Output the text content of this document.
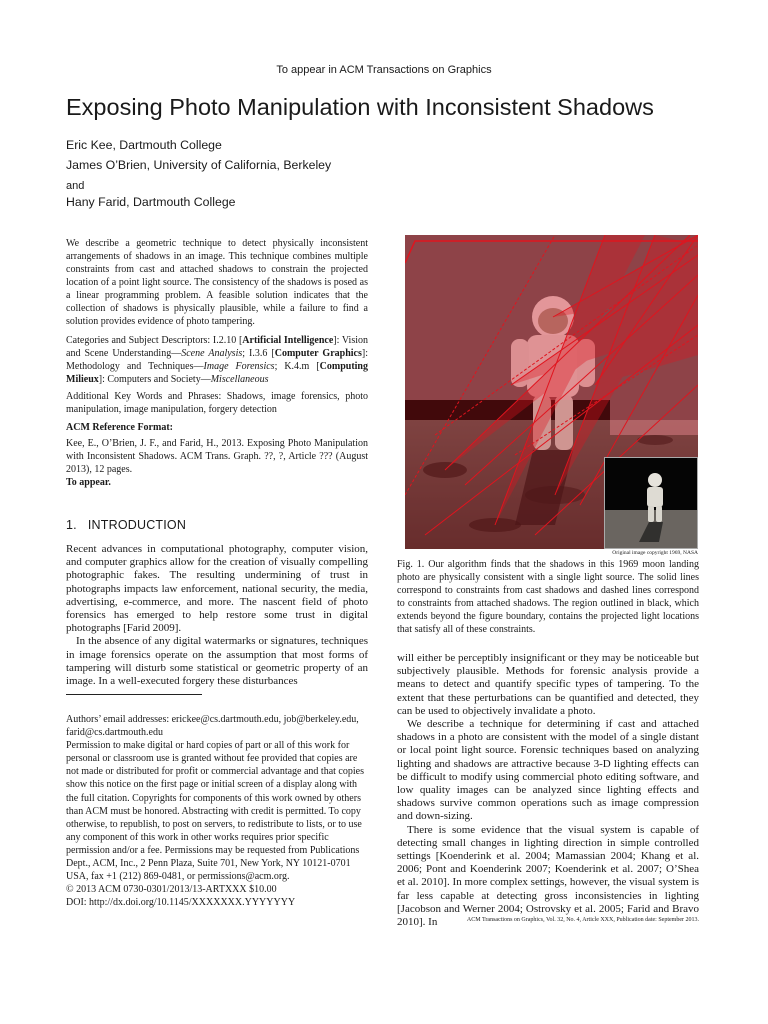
To appear in ACM Transactions on Graphics
Exposing Photo Manipulation with Inconsistent Shadows
Eric Kee, Dartmouth College
James O’Brien, University of California, Berkeley
and
Hany Farid, Dartmouth College

We describe a geometric technique to detect physically inconsistent arrangements of shadows in an image. This technique combines multiple constraints from cast and attached shadows to constrain the projected location of a point light source. The consistency of the shadows is posed as a linear programming problem. A feasible solution indicates that the collection of shadows is physically plausible, while a failure to find a solution provides evidence of photo tampering.

Categories and Subject Descriptors: I.2.10 [Artificial Intelligence]: Vision and Scene Understanding—Scene Analysis; I.3.6 [Computer Graphics]: Methodology and Techniques—Image Forensics; K.4.m [Computing Milieux]: Computers and Society—Miscellaneous

Additional Key Words and Phrases: Shadows, image forensics, photo manipulation, image manipulation, forgery detection

ACM Reference Format:

Kee, E., O’Brien, J. F., and Farid, H., 2013. Exposing Photo Manipulation with Inconsistent Shadows. ACM Trans. Graph. ??, ?, Article ??? (August 2013), 12 pages.

To appear.

1. INTRODUCTION

Recent advances in computational photography, computer vision, and computer graphics allow for the creation of visually compelling photographic fakes. The resulting undermining of trust in photographs impacts law enforcement, national security, the media, advertising, e-commerce, and more. The nascent field of photo forensics has emerged to help restore some trust in digital photographs [Farid 2009].

In the absence of any digital watermarks or signatures, techniques in image forensics operate on the assumption that most forms of tampering will disturb some statistical or geometric property of an image. In a well-executed forgery these disturbances

Authors’ email addresses: erickee@cs.dartmouth.edu, job@berkeley.edu, farid@cs.dartmouth.edu

Permission to make digital or hard copies of part or all of this work for personal or classroom use is granted without fee provided that copies are not made or distributed for profit or commercial advantage and that copies show this notice on the first page or initial screen of a display along with the full citation. Copyrights for components of this work owned by others than ACM must be honored. Abstracting with credit is permitted. To copy otherwise, to republish, to post on servers, to redistribute to lists, or to use any component of this work in other works requires prior specific permission and/or a fee. Permissions may be requested from Publications Dept., ACM, Inc., 2 Penn Plaza, Suite 701, New York, NY 10121-0701 USA, fax +1 (212) 869-0481, or permissions@acm.org.

© 2013 ACM 0730-0301/2013/13-ARTXXX $10.00

DOI: http://dx.doi.org/10.1145/XXXXXXX.YYYYYYY

Original image copyright 1969, NASA
Fig. 1. Our algorithm finds that the shadows in this 1969 moon landing photo are physically consistent with a single light source. The solid lines correspond to constraints from cast shadows and dashed lines correspond to constraints from attached shadows. The region outlined in black, which extends beyond the figure boundary, contains the projected light locations that satisfy all of these constraints.

will either be perceptibly insignificant or they may be noticeable but subjectively plausible. Methods for forensic analysis provide a means to detect and quantify specific types of tampering. To the extent that these perturbations can be quantified and detected, they can be used to objectively invalidate a photo.

We describe a technique for determining if cast and attached shadows in a photo are consistent with the model of a single distant or local point light source. Forensic techniques based on analyzing lighting and shadows are attractive because 3-D lighting effects can be difficult to modify using commercial photo editing software, and low quality images can be analyzed since lighting effects and shadows survive common operations such as image compression and down-sizing.

There is some evidence that the visual system is capable of detecting small changes in lighting direction in simple controlled settings [Koenderink et al. 2004; Mamassian 2004; Khang et al. 2006; Pont and Koenderink 2007; Koenderink et al. 2007; O’Shea et al. 2010]. In more complex settings, however, the visual system is far less capable at detecting gross inconsistencies in lighting [Jacobson and Werner 2004; Ostrovsky et al. 2005; Farid and Bravo 2010]. In	ACM Transactions on Graphics, Vol. 32, No. 4, Article XXX, Publication date: September 2013.
